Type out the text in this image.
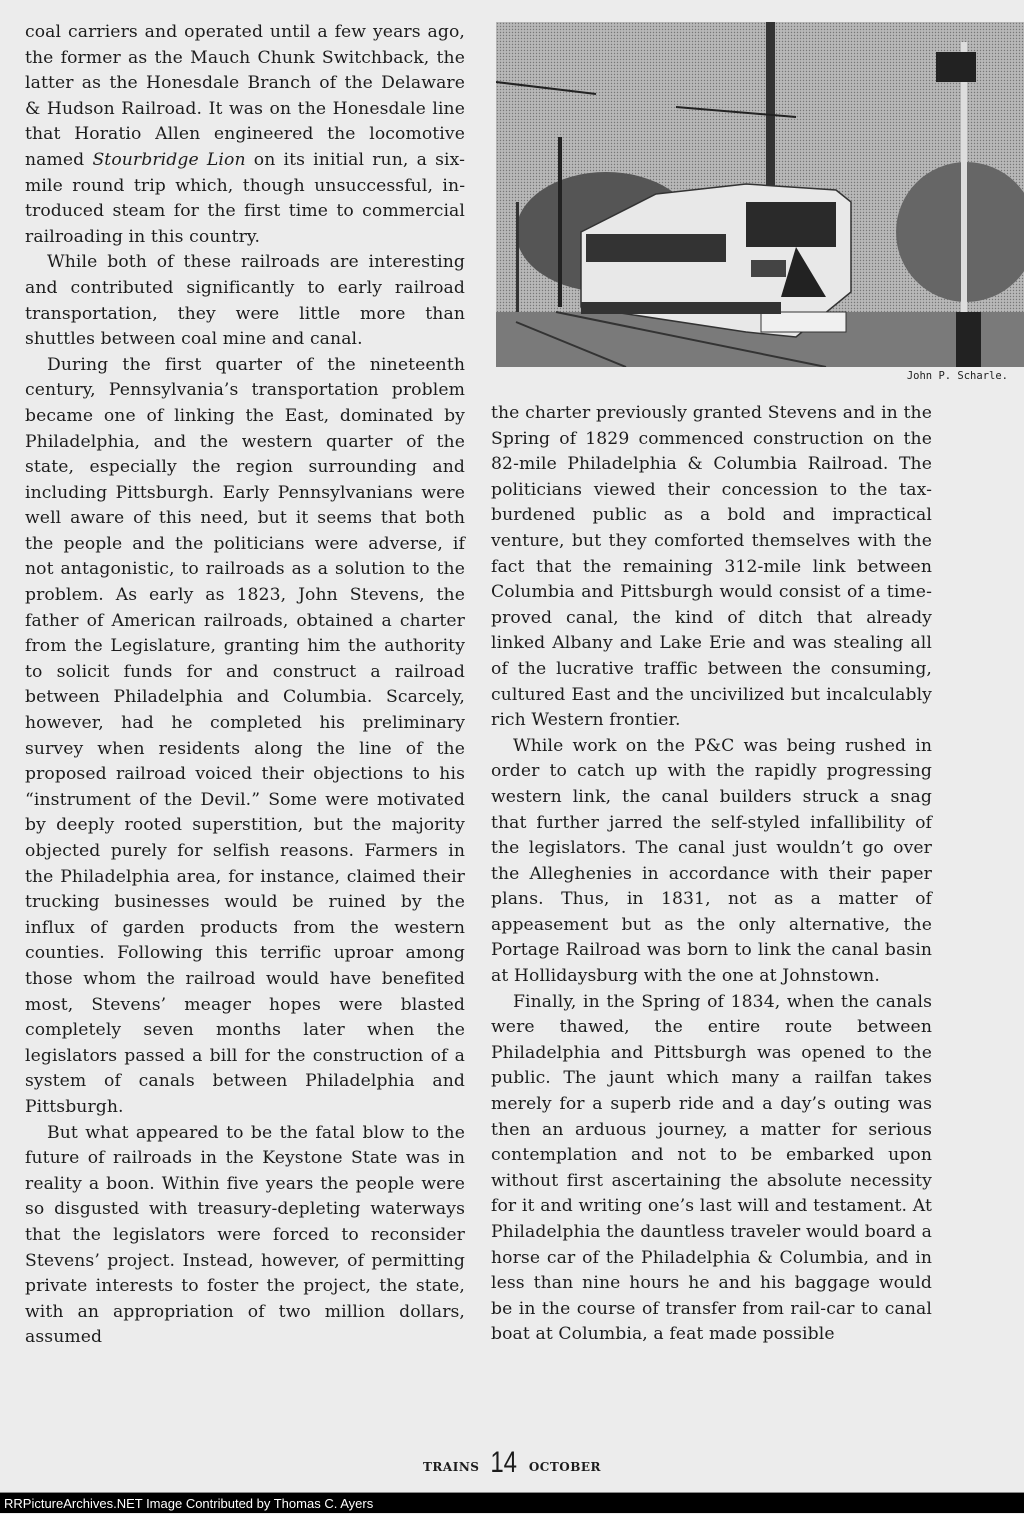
coal carriers and operated until a few years ago, the former as the Mauch Chunk Switchback, the latter as the Honesdale Branch of the Delaware & Hudson Railroad. It was on the Honesdale line that Horatio Allen engineered the locomotive named Stourbridge Lion on its initial run, a six-mile round trip which, though unsuccessful, introduced steam for the first time to commercial railroading in this country.

While both of these railroads are interesting and contributed significantly to early railroad transportation, they were little more than shuttles between coal mine and canal.

During the first quarter of the nineteenth century, Pennsylvania’s transportation problem became one of linking the East, dominated by Philadelphia, and the western quarter of the state, especially the region surrounding and including Pittsburgh. Early Pennsylvanians were well aware of this need, but it seems that both the people and the politicians were adverse, if not antagonistic, to railroads as a solution to the problem. As early as 1823, John Stevens, the father of American railroads, obtained a charter from the Legislature, granting him the authority to solicit funds for and construct a railroad between Philadelphia and Columbia. Scarcely, however, had he completed his preliminary survey when residents along the line of the proposed railroad voiced their objections to his “instrument of the Devil.” Some were motivated by deeply rooted superstition, but the majority objected purely for selfish reasons. Farmers in the Philadelphia area, for instance, claimed their trucking businesses would be ruined by the influx of garden products from the western counties. Following this terrific uproar among those whom the railroad would have benefited most, Stevens’ meager hopes were blasted completely seven months later when the legislators passed a bill for the construction of a system of canals between Philadelphia and Pittsburgh.

But what appeared to be the fatal blow to the future of railroads in the Keystone State was in reality a boon. Within five years the people were so disgusted with treasury-depleting waterways that the legislators were forced to reconsider Stevens’ project. Instead, however, of permitting private interests to foster the project, the state, with an appropriation of two million dollars, assumed

John P. Scharle.

the charter previously granted Stevens and in the Spring of 1829 commenced construction on the 82-mile Philadelphia & Columbia Railroad. The politicians viewed their concession to the tax-burdened public as a bold and impractical venture, but they comforted themselves with the fact that the remaining 312-mile link between Columbia and Pittsburgh would consist of a time-proved canal, the kind of ditch that already linked Albany and Lake Erie and was stealing all of the lucrative traffic between the consuming, cultured East and the uncivilized but incalculably rich Western frontier.

While work on the P&C was being rushed in order to catch up with the rapidly progressing western link, the canal builders struck a snag that further jarred the self-styled infallibility of the legislators. The canal just wouldn’t go over the Alleghenies in accordance with their paper plans. Thus, in 1831, not as a matter of appeasement but as the only alternative, the Portage Railroad was born to link the canal basin at Hollidaysburg with the one at Johnstown.

Finally, in the Spring of 1834, when the canals were thawed, the entire route between Philadelphia and Pittsburgh was opened to the public. The jaunt which many a railfan takes merely for a superb ride and a day’s outing was then an arduous journey, a matter for serious contemplation and not to be embarked upon without first ascertaining the absolute necessity for it and writing one’s last will and testament. At Philadelphia the dauntless traveler would board a horse car of the Philadelphia & Columbia, and in less than nine hours he and his baggage would be in the course of transfer from rail-car to canal boat at Columbia, a feat made possible

TRAINS 14 OCTOBER
RRPictureArchives.NET Image Contributed by Thomas C. Ayers
